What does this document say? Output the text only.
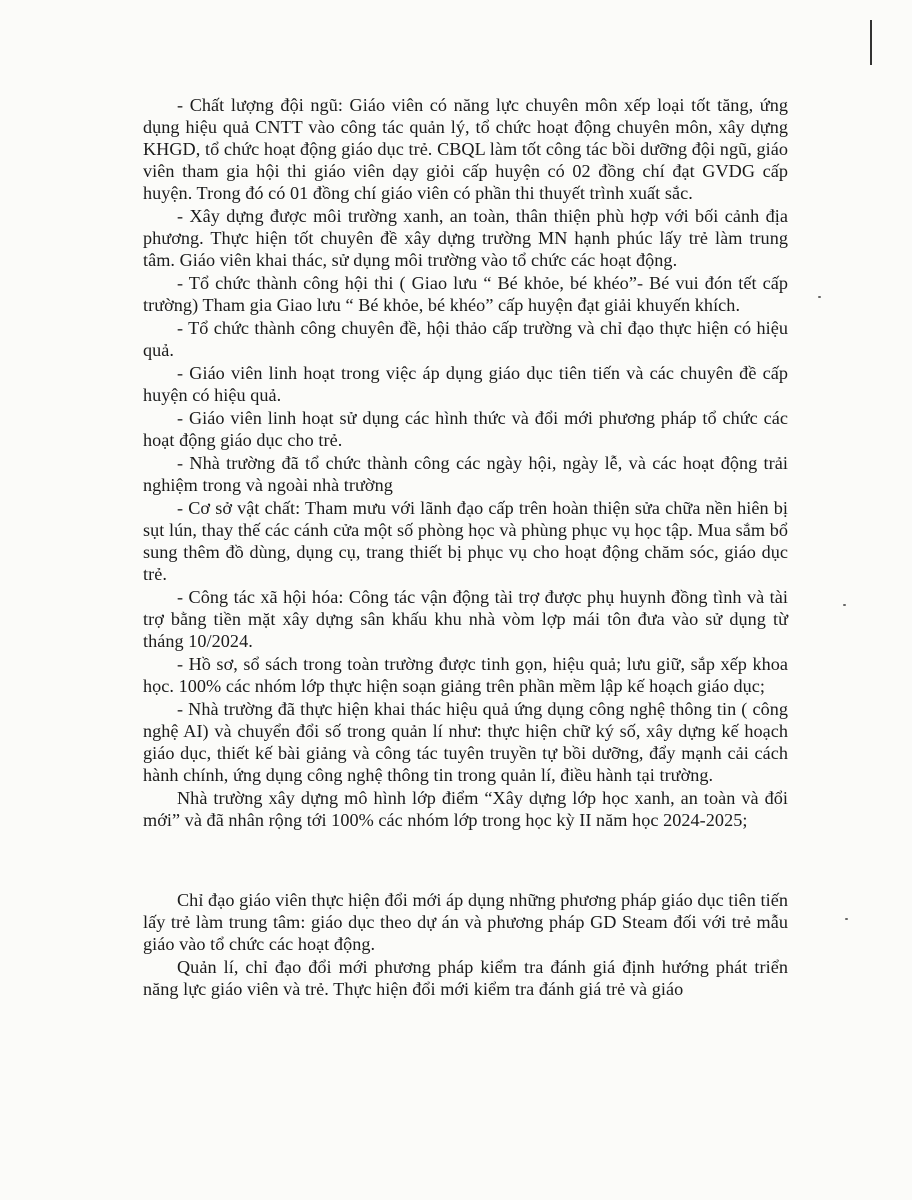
- Chất lượng đội ngũ: Giáo viên có năng lực chuyên môn xếp loại tốt tăng, ứng dụng hiệu quả CNTT vào công tác quản lý, tổ chức hoạt động chuyên môn, xây dựng KHGD, tổ chức hoạt động giáo dục trẻ. CBQL làm tốt công tác bồi dưỡng đội ngũ, giáo viên tham gia hội thi giáo viên dạy giỏi cấp huyện có 02 đồng chí đạt GVDG cấp huyện. Trong đó có 01 đồng chí giáo viên có phần thi thuyết trình xuất sắc.

- Xây dựng được môi trường xanh, an toàn, thân thiện phù hợp với bối cảnh địa phương. Thực hiện tốt chuyên đề xây dựng trường MN hạnh phúc lấy trẻ làm trung tâm. Giáo viên khai thác, sử dụng môi trường vào tổ chức các hoạt động.

- Tổ chức thành công hội thi ( Giao lưu “ Bé khỏe, bé khéo”- Bé vui đón tết cấp trường) Tham gia Giao lưu “ Bé khỏe, bé khéo” cấp huyện đạt giải khuyến khích.

- Tổ chức thành công chuyên đề, hội thảo cấp trường và chỉ đạo thực hiện có hiệu quả.

- Giáo viên linh hoạt trong việc áp dụng giáo dục tiên tiến và các chuyên đề cấp huyện có hiệu quả.

- Giáo viên linh hoạt sử dụng các hình thức và đổi mới phương pháp tổ chức các hoạt động giáo dục cho trẻ.

- Nhà trường đã tổ chức thành công các ngày hội, ngày lễ, và các hoạt động trải nghiệm trong và ngoài nhà trường

- Cơ sở vật chất: Tham mưu với lãnh đạo cấp trên hoàn thiện sửa chữa nền hiên bị sụt lún, thay thế các cánh cửa một số phòng học và phùng phục vụ học tập. Mua sắm bổ sung thêm đồ dùng, dụng cụ, trang thiết bị phục vụ cho hoạt động chăm sóc, giáo dục trẻ.

- Công tác xã hội hóa: Công tác vận động tài trợ được phụ huynh đồng tình và tài trợ bằng tiền mặt xây dựng sân khấu khu nhà vòm lợp mái tôn đưa vào sử dụng từ tháng 10/2024.

- Hồ sơ, sổ sách trong toàn trường được tinh gọn, hiệu quả; lưu giữ, sắp xếp khoa học. 100% các nhóm lớp thực hiện soạn giảng trên phần mềm lập kế hoạch giáo dục;

- Nhà trường đã thực hiện khai thác hiệu quả ứng dụng công nghệ thông tin ( công nghệ AI) và chuyển đổi số trong quản lí như: thực hiện chữ ký số, xây dựng kế hoạch giáo dục, thiết kế bài giảng và công tác tuyên truyền tự bồi dưỡng, đẩy mạnh cải cách hành chính, ứng dụng công nghệ thông tin trong quản lí, điều hành tại trường.

Nhà trường xây dựng mô hình lớp điểm “Xây dựng lớp học xanh, an toàn và đổi mới” và đã nhân rộng tới 100% các nhóm lớp trong học kỳ II năm học 2024-2025;

Chỉ đạo giáo viên thực hiện đổi mới áp dụng những phương pháp giáo dục tiên tiến lấy trẻ làm trung tâm: giáo dục theo dự án và phương pháp GD Steam đối với trẻ mẫu giáo vào tổ chức các hoạt động.

Quản lí, chỉ đạo đổi mới phương pháp kiểm tra đánh giá định hướng phát triển năng lực giáo viên và trẻ. Thực hiện đổi mới kiểm tra đánh giá trẻ và giáo
